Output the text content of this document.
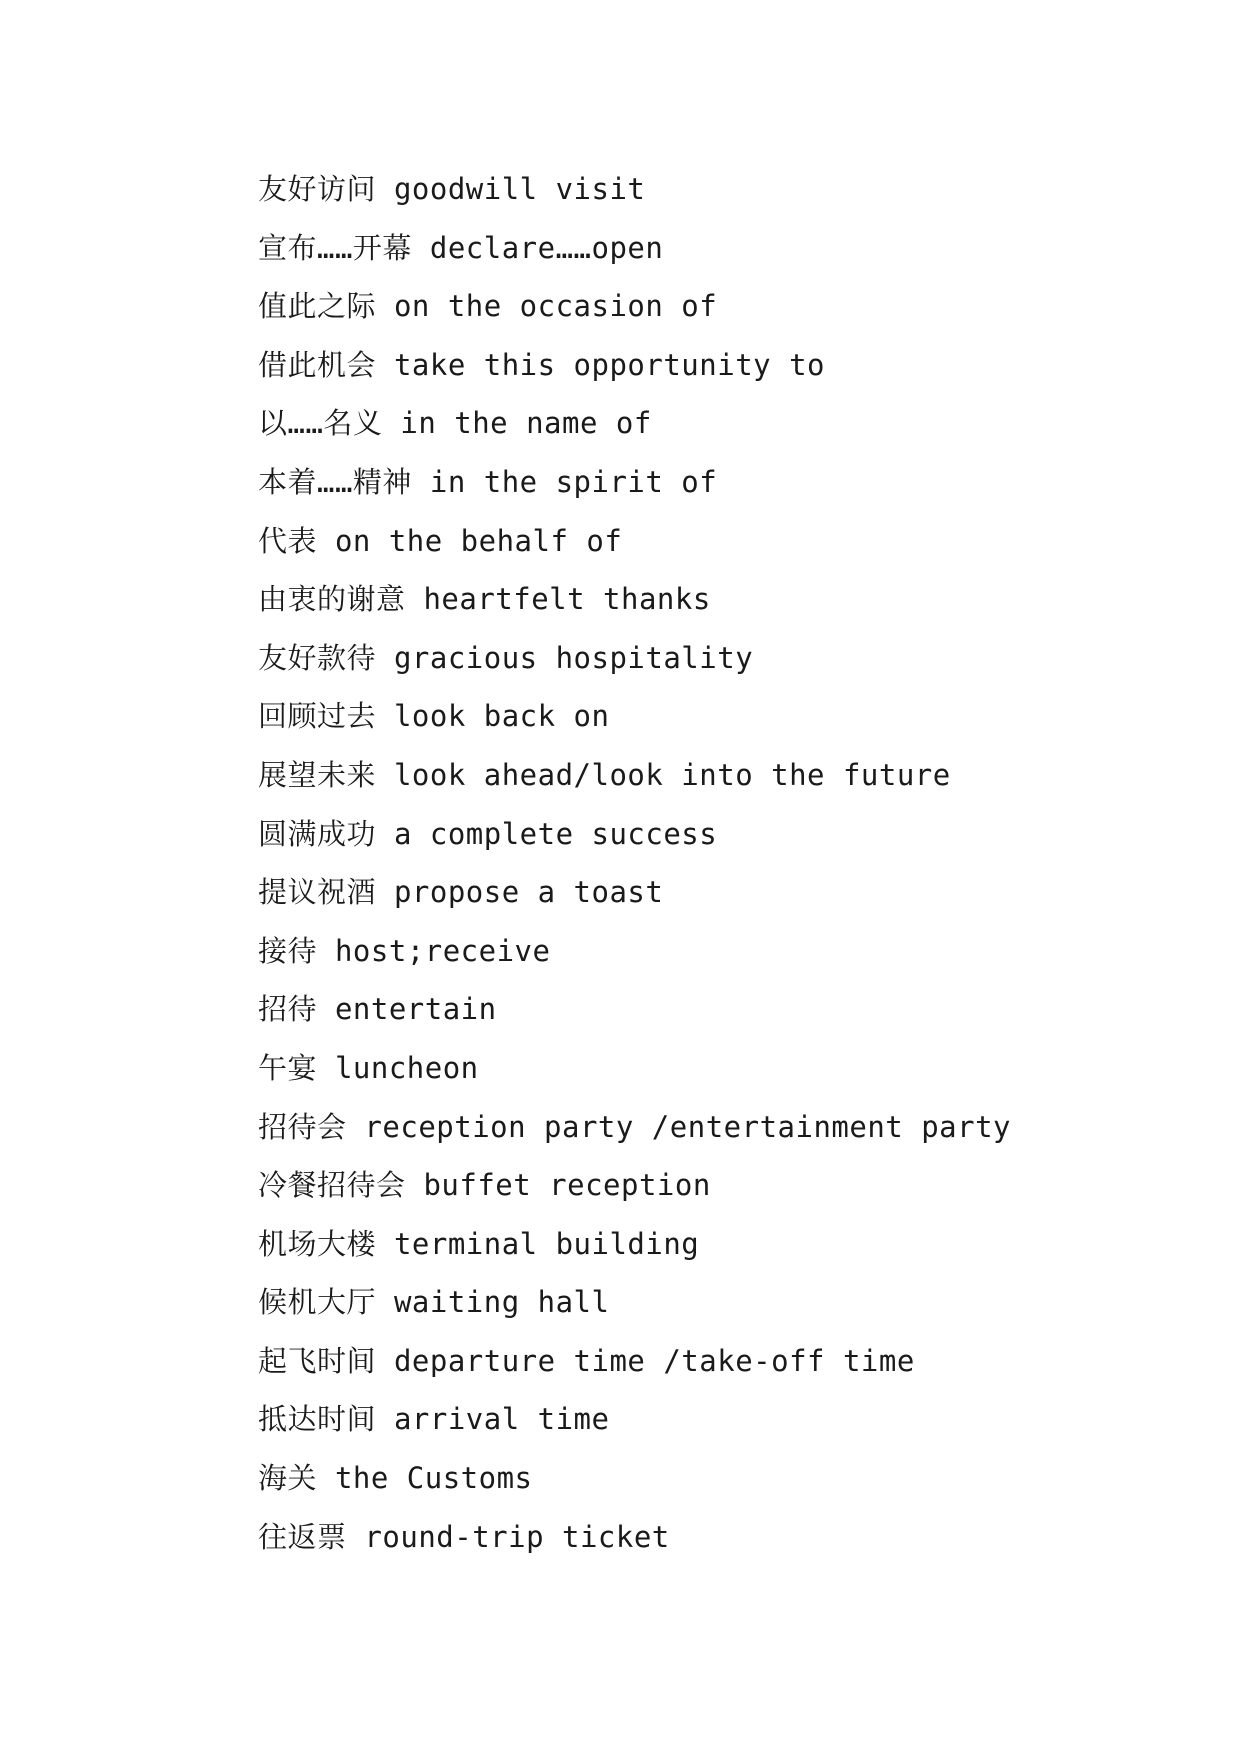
友好访问 goodwill visit
宣布……开幕 declare……open
值此之际 on the occasion of
借此机会 take this opportunity to
以……名义 in the name of
本着……精神 in the spirit of
代表 on the behalf of
由衷的谢意 heartfelt thanks
友好款待 gracious hospitality
回顾过去 look back on
展望未来 look ahead/look into the future
圆满成功 a complete success
提议祝酒 propose a toast
接待 host;receive
招待 entertain
午宴 luncheon
招待会 reception party /entertainment party
冷餐招待会 buffet reception
机场大楼 terminal building
候机大厅 waiting hall
起飞时间 departure time /take-off time
抵达时间 arrival time
海关 the Customs
往返票 round-trip ticket
